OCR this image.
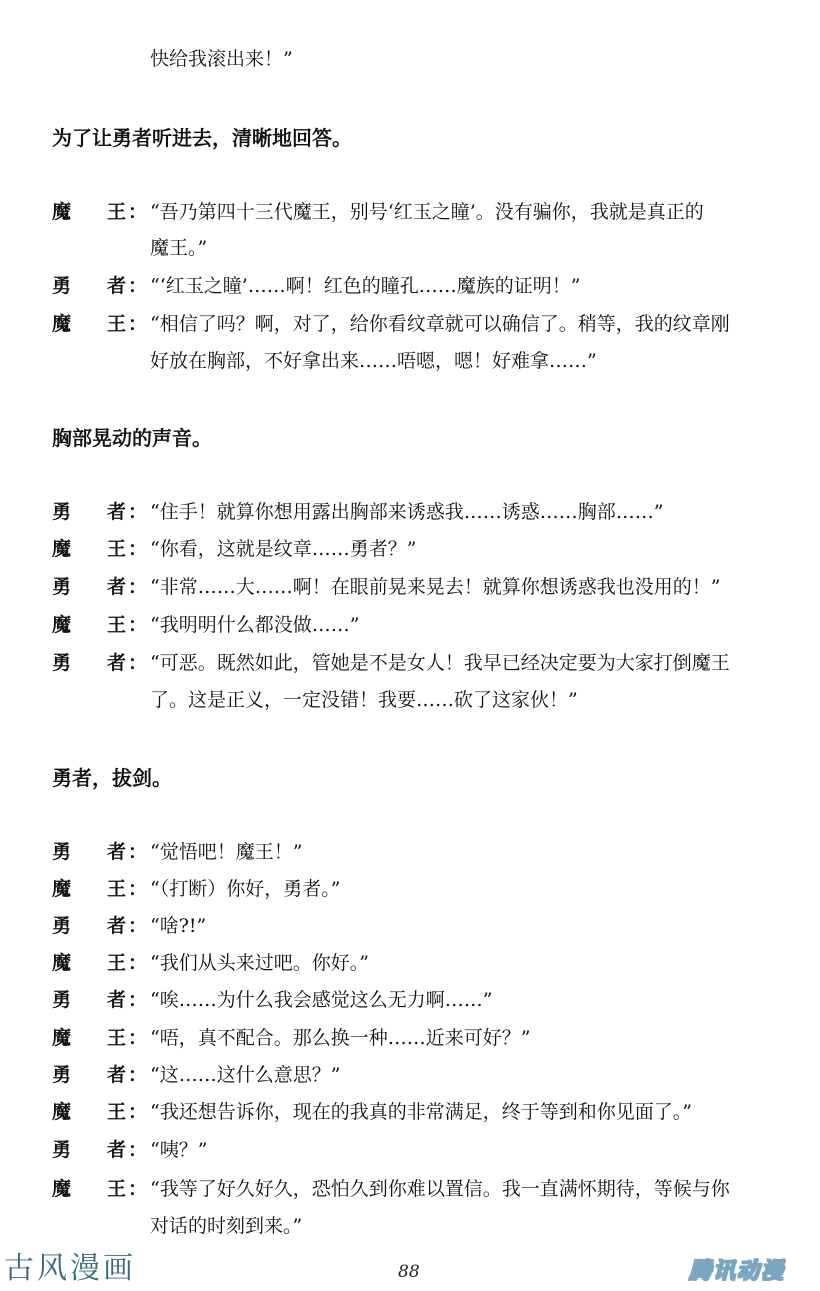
快给我滚出来！”
为了让勇者听进去，清晰地回答。
魔 王 ： “吾乃第四十三代魔王，别号‘红玉之瞳’。没有骗你，我就是真正的
魔王。”
勇 者 ： “‘红玉之瞳’……啊！红色的瞳孔……魔族的证明！”
魔 王 ： “相信了吗？啊，对了，给你看纹章就可以确信了。稍等，我的纹章刚
好放在胸部，不好拿出来……唔嗯，嗯！好难拿……”
胸部晃动的声音。
勇 者 ： “住手！就算你想用露出胸部来诱惑我……诱惑……胸部……”
魔 王 ： “你看，这就是纹章……勇者？”
勇 者 ： “非常……大……啊！在眼前晃来晃去！就算你想诱惑我也没用的！”
魔 王 ： “我明明什么都没做……”
勇 者 ： “可恶。既然如此，管她是不是女人！我早已经决定要为大家打倒魔王
了。这是正义，一定没错！我要……砍了这家伙！”
勇者，拔剑。
勇 者 ： “觉悟吧！魔王！”
魔 王 ： “（打断）你好，勇者。”
勇 者 ： “啥?!”
魔 王 ： “我们从头来过吧。你好。”
勇 者 ： “唉……为什么我会感觉这么无力啊……”
魔 王 ： “唔，真不配合。那么换一种……近来可好？”
勇 者 ： “这……这什么意思？”
魔 王 ： “我还想告诉你，现在的我真的非常满足，终于等到和你见面了。”
勇 者 ： “咦？”
魔 王 ： “我等了好久好久，恐怕久到你难以置信。我一直满怀期待，等候与你
对话的时刻到来。”
古风漫画	88	腾讯动漫
